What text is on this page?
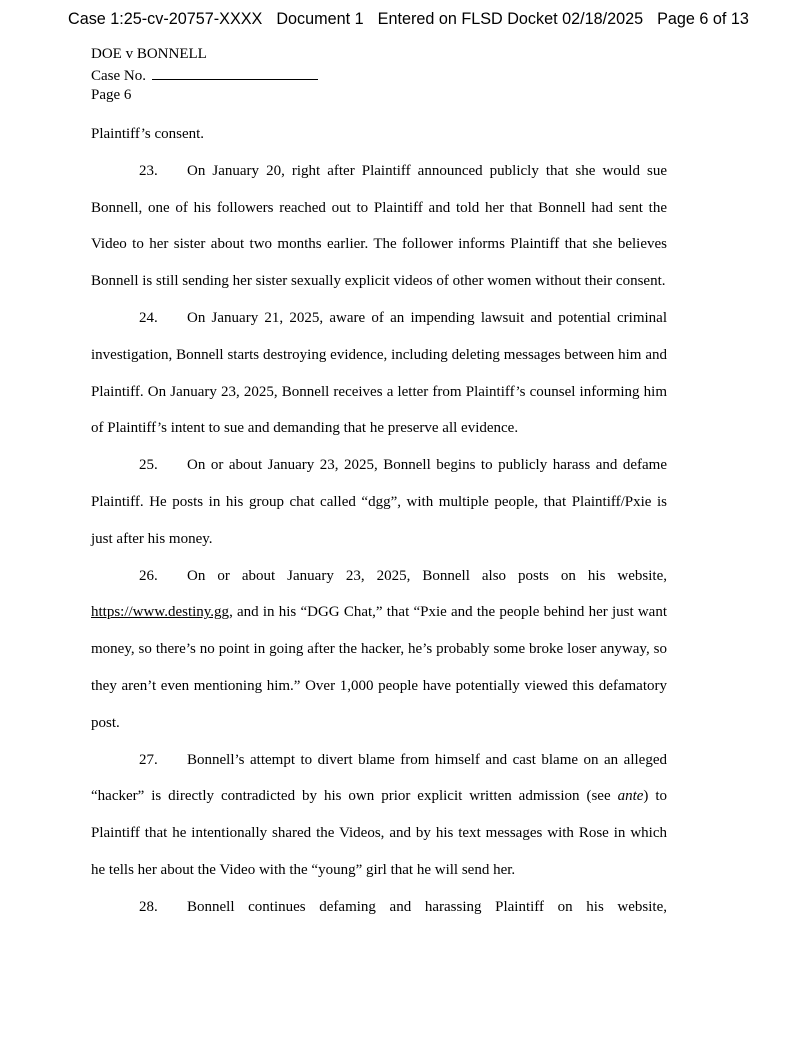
Case 1:25-cv-20757-XXXX Document 1 Entered on FLSD Docket 02/18/2025 Page 6 of 13
DOE v BONNELL
Case No.
Page 6

Plaintiff’s consent.

23. On January 20, right after Plaintiff announced publicly that she would sue Bonnell, one of his followers reached out to Plaintiff and told her that Bonnell had sent the Video to her sister about two months earlier. The follower informs Plaintiff that she believes Bonnell is still sending her sister sexually explicit videos of other women without their consent.

24. On January 21, 2025, aware of an impending lawsuit and potential criminal investigation, Bonnell starts destroying evidence, including deleting messages between him and Plaintiff. On January 23, 2025, Bonnell receives a letter from Plaintiff’s counsel informing him of Plaintiff’s intent to sue and demanding that he preserve all evidence.

25. On or about January 23, 2025, Bonnell begins to publicly harass and defame Plaintiff. He posts in his group chat called “dgg”, with multiple people, that Plaintiff/Pxie is just after his money.

26. On or about January 23, 2025, Bonnell also posts on his website, https://www.destiny.gg, and in his “DGG Chat,” that “Pxie and the people behind her just want money, so there’s no point in going after the hacker, he’s probably some broke loser anyway, so they aren’t even mentioning him.” Over 1,000 people have potentially viewed this defamatory post.

27. Bonnell’s attempt to divert blame from himself and cast blame on an alleged “hacker” is directly contradicted by his own prior explicit written admission (see ante) to Plaintiff that he intentionally shared the Videos, and by his text messages with Rose in which he tells her about the Video with the “young” girl that he will send her.

28. Bonnell continues defaming and harassing Plaintiff on his website,
